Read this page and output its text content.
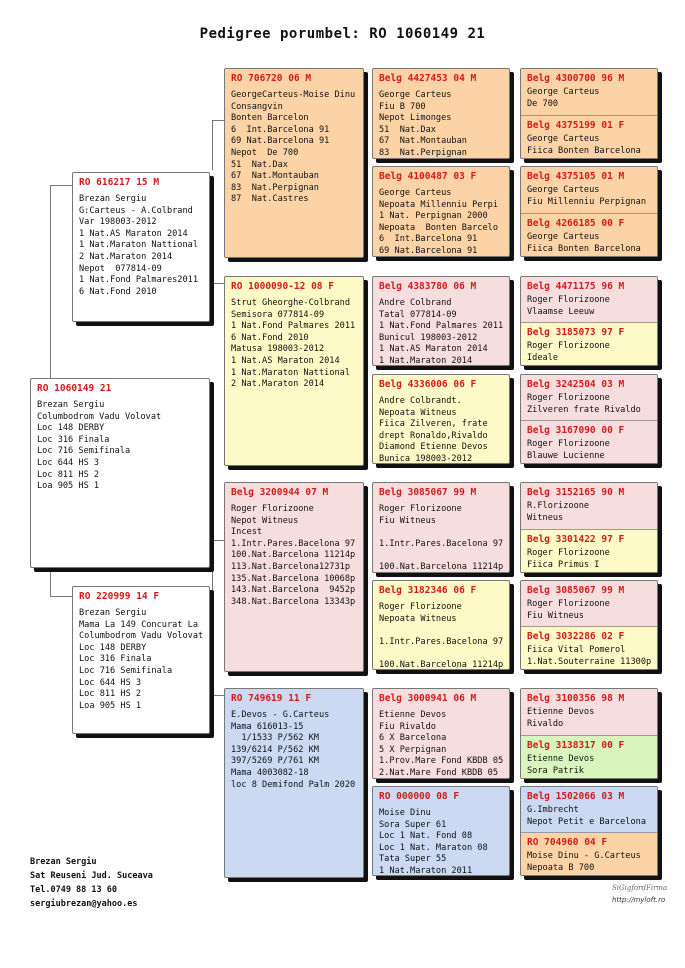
Pedigree porumbel: RO 1060149 21
RO 1060149 21
Brezan Sergiu
Columbodrom Vadu Volovat
Loc 148 DERBY
Loc 316 Finala
Loc 716 Semifinala
Loc 644 HS 3
Loc 811 HS 2
Loa 905 HS 1
RO 616217 15 M
Brezan Sergiu
G:Carteus - A.Colbrand
Var 198003-2012
1 Nat.AS Maraton 2014
1 Nat.Maraton Nattional
2 Nat.Maraton 2014
Nepot  077814-09
1 Nat.Fond Palmares2011
6 Nat.Fond 2010
RO 220999 14 F
Brezan Sergiu
Mama La 149 Concurat La
Columbodrom Vadu Volovat
Loc 148 DERBY
Loc 316 Finala
Loc 716 Semifinala
Loc 644 HS 3
Loc 811 HS 2
Loa 905 HS 1
RO 706720 06 M
GeorgeCarteus-Moise Dinu
Consangvin
Bonten Barcelon
6  Int.Barcelona 91
69 Nat.Barcelona 91
Nepot  De 700
51  Nat.Dax
67  Nat.Montauban
83  Nat.Perpignan
87  Nat.Castres
RO 1000090-12 08 F
Strut Gheorghe-Colbrand
Semisora 077814-09
1 Nat.Fond Palmares 2011
6 Nat.Fond 2010
Matusa 198003-2012
1 Nat.AS Maraton 2014
1 Nat.Maraton Nattional
2 Nat.Maraton 2014
Belg 3200944 07 M
Roger Florizoone
Nepot Witneus
Incest
1.Intr.Pares.Bacelona 97
100.Nat.Barcelona 11214p
113.Nat.Barcelona12731p
135.Nat.Barcelona 10068p
143.Nat.Barcelona  9452p
348.Nat.Barcelona 13343p
RO 749619 11 F
E.Devos - G.Carteus
Mama 616013-15
1/1533 P/562 KM
139/6214 P/562 KM
397/5269 P/761 KM
Mama 4003082-18
loc 8 Demifond Palm 2020
Belg 4427453 04 M
George Carteus
Fiu B 700
Nepot Limonges
51  Nat.Dax
67  Nat.Montauban
83  Nat.Perpignan
Belg 4100487 03 F
George Carteus
Nepoata Millenniu Perpi
1 Nat. Perpignan 2000
Nepoata  Bonten Barcelo
6  Int.Barcelona 91
69 Nat.Barcelona 91
Belg 4383780 06 M
Andre Colbrand
Tatal 077814-09
1 Nat.Fond Palmares 2011
Bunicul 198003-2012
1 Nat.AS Maraton 2014
1 Nat.Maraton 2014
Belg 4336006 06 F
Andre Colbrandt.
Nepoata Witneus
Fiica Zilveren, frate
drept Ronaldo,Rivaldo
Diamond Etienne Devos
Bunica 198003-2012
Belg 3085067 99 M
Roger Florizoone
Fiu Witneus

1.Intr.Pares.Bacelona 97

100.Nat.Barcelona 11214p
Belg 3182346 06 F
Roger Florizoone
Nepoata Witneus

1.Intr.Pares.Bacelona 97

100.Nat.Barcelona 11214p
Belg 3000941 06 M
Etienne Devos
Fiu Rivaldo
6 X Barcelona
5 X Perpignan
1.Prov.Mare Fond KBDB 05
2.Nat.Mare Fond KBDB 05
RO 000000 08 F
Moise Dinu
Sora Super 61
Loc 1 Nat. Fond 08
Loc 1 Nat. Maraton 08
Tata Super 55
1 Nat.Maraton 2011
Belg 4300700 96 M
George Carteus
De 700
Belg 4375199 01 F
George Carteus
Fiica Bonten Barcelona
Belg 4375105 01 M
George Carteus
Fiu Millenniu Perpignan
Belg 4266185 00 F
George Carteus
Fiica Bonten Barcelona
Belg 4471175 96 M
Roger Florizoone
Vlaamse Leeuw
Belg 3185073 97 F
Roger Florizoone
Ideale
Belg 3242504 03 M
Roger Florizoone
Zilveren frate Rivaldo
Belg 3167090 00 F
Roger Florizoone
Blauwe Lucienne
Belg 3152165 90 M
R.Florizoone
Witneus
Belg 3301422 97 F
Roger Florizoone
Fiica Primus I
Belg 3085067 99 M
Roger Florizoone
Fiu Witneus
Belg 3032286 02 F
Fiica Vital Pomerol
1.Nat.Souterraine 11300p
Belg 3100356 98 M
Etienne Devos
Rivaldo
Belg 3138317 00 F
Etienne Devos
Sora Patrik
Belg 1502066 03 M
G.Imbrecht
Nepot Petit e Barcelona
RO 704960 04 F
Moise Dinu - G.Carteus
Nepoata B 700
Brezan Sergiu
Sat Reuseni Jud. Suceava
Tel.0749 88 13 60
sergiubrezan@yahoo.es
SiGigfordFirma
http://myloft.ro
